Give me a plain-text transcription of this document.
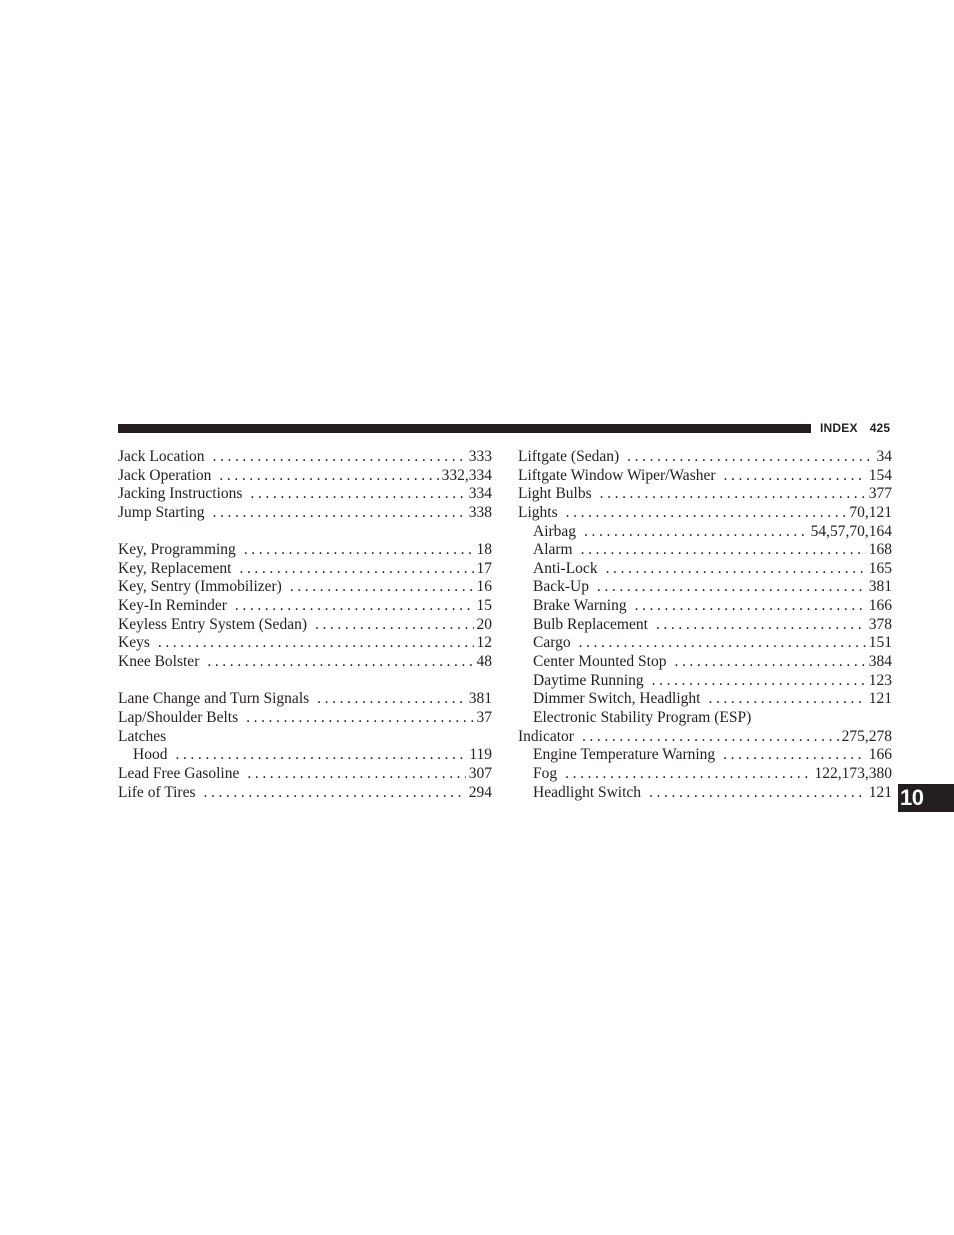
INDEX 425
Jack Location .....	333
Jack Operation .....	332,334
Jacking Instructions .....	334
Jump Starting .....	338
Key, Programming .....	18
Key, Replacement .....	17
Key, Sentry (Immobilizer) .....	16
Key-In Reminder .....	15
Keyless Entry System (Sedan) .....	20
Keys .....	12
Knee Bolster .....	48
Lane Change and Turn Signals .....	381
Lap/Shoulder Belts .....	37
Latches
Hood .....	119
Lead Free Gasoline .....	307
Life of Tires .....	294
Liftgate (Sedan) .....	34
Liftgate Window Wiper/Washer .....	154
Light Bulbs .....	377
Lights .....	70,121
Airbag .....	54,57,70,164
Alarm .....	168
Anti-Lock .....	165
Back-Up .....	381
Brake Warning .....	166
Bulb Replacement .....	378
Cargo .....	151
Center Mounted Stop .....	384
Daytime Running .....	123
Dimmer Switch, Headlight .....	121
Electronic Stability Program (ESP)
Indicator .....	275,278
Engine Temperature Warning .....	166
Fog .....	122,173,380
Headlight Switch .....	121 10
